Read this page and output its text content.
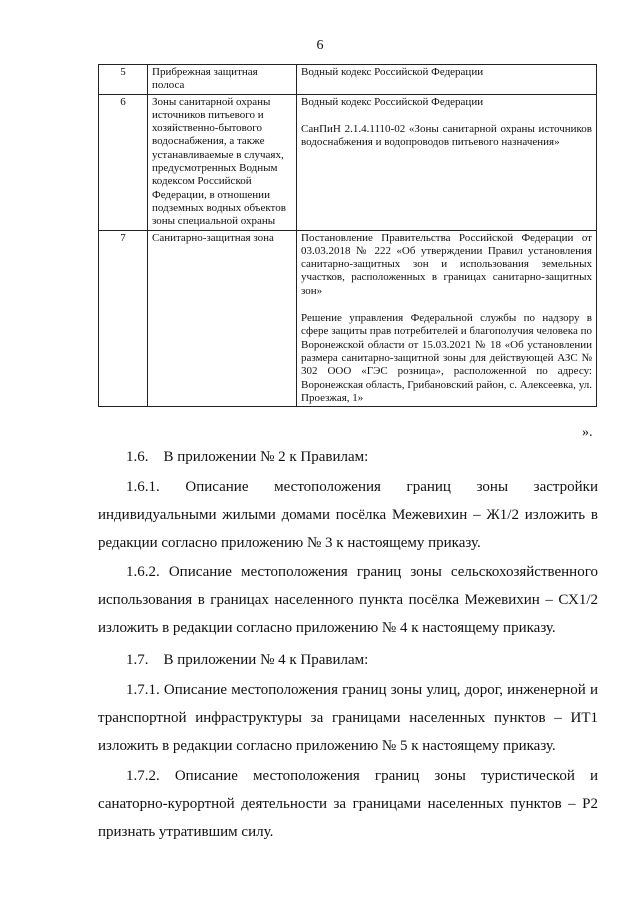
6
5	Прибрежная защитная полоса	Водный кодекс Российской Федерации

6	Зоны санитарной охраны источников питьевого и хозяйственно-бытового водоснабжения, а также устанавливаемые в случаях, предусмотренных Водным кодексом Российской Федерации, в отношении подземных водных объектов зоны специальной охраны	Водный кодекс Российской Федерации

СанПиН 2.1.4.1110-02 «Зоны санитарной охраны источников водоснабжения и водопроводов питьевого назначения»

7	Санитарно-защитная зона	Постановление Правительства Российской Федерации от 03.03.2018 № 222 «Об утверждении Правил установления санитарно-защитных зон и использования земельных участков, расположенных в границах санитарно-защитных зон»

Решение управления Федеральной службы по надзору в сфере защиты прав потребителей и благополучия человека по Воронежской области от 15.03.2021 № 18 «Об установлении размера санитарно-защитной зоны для действующей АЗС № 302 ООО «ГЭС розница», расположенной по адресу: Воронежская область, Грибановский район, с. Алексеевка, ул. Проезжая, 1»

».

1.6. В приложении № 2 к Правилам:

1.6.1. Описание местоположения границ зоны застройки индивидуальными жилыми домами посёлка Межевихин – Ж1/2 изложить в редакции согласно приложению № 3 к настоящему приказу.

1.6.2. Описание местоположения границ зоны сельскохозяйственного использования в границах населенного пункта посёлка Межевихин – СХ1/2 изложить в редакции согласно приложению № 4 к настоящему приказу.

1.7. В приложении № 4 к Правилам:

1.7.1. Описание местоположения границ зоны улиц, дорог, инженерной и транспортной инфраструктуры за границами населенных пунктов – ИТ1 изложить в редакции согласно приложению № 5 к настоящему приказу.

1.7.2. Описание местоположения границ зоны туристической и санаторно-курортной деятельности за границами населенных пунктов – Р2 признать утратившим силу.
